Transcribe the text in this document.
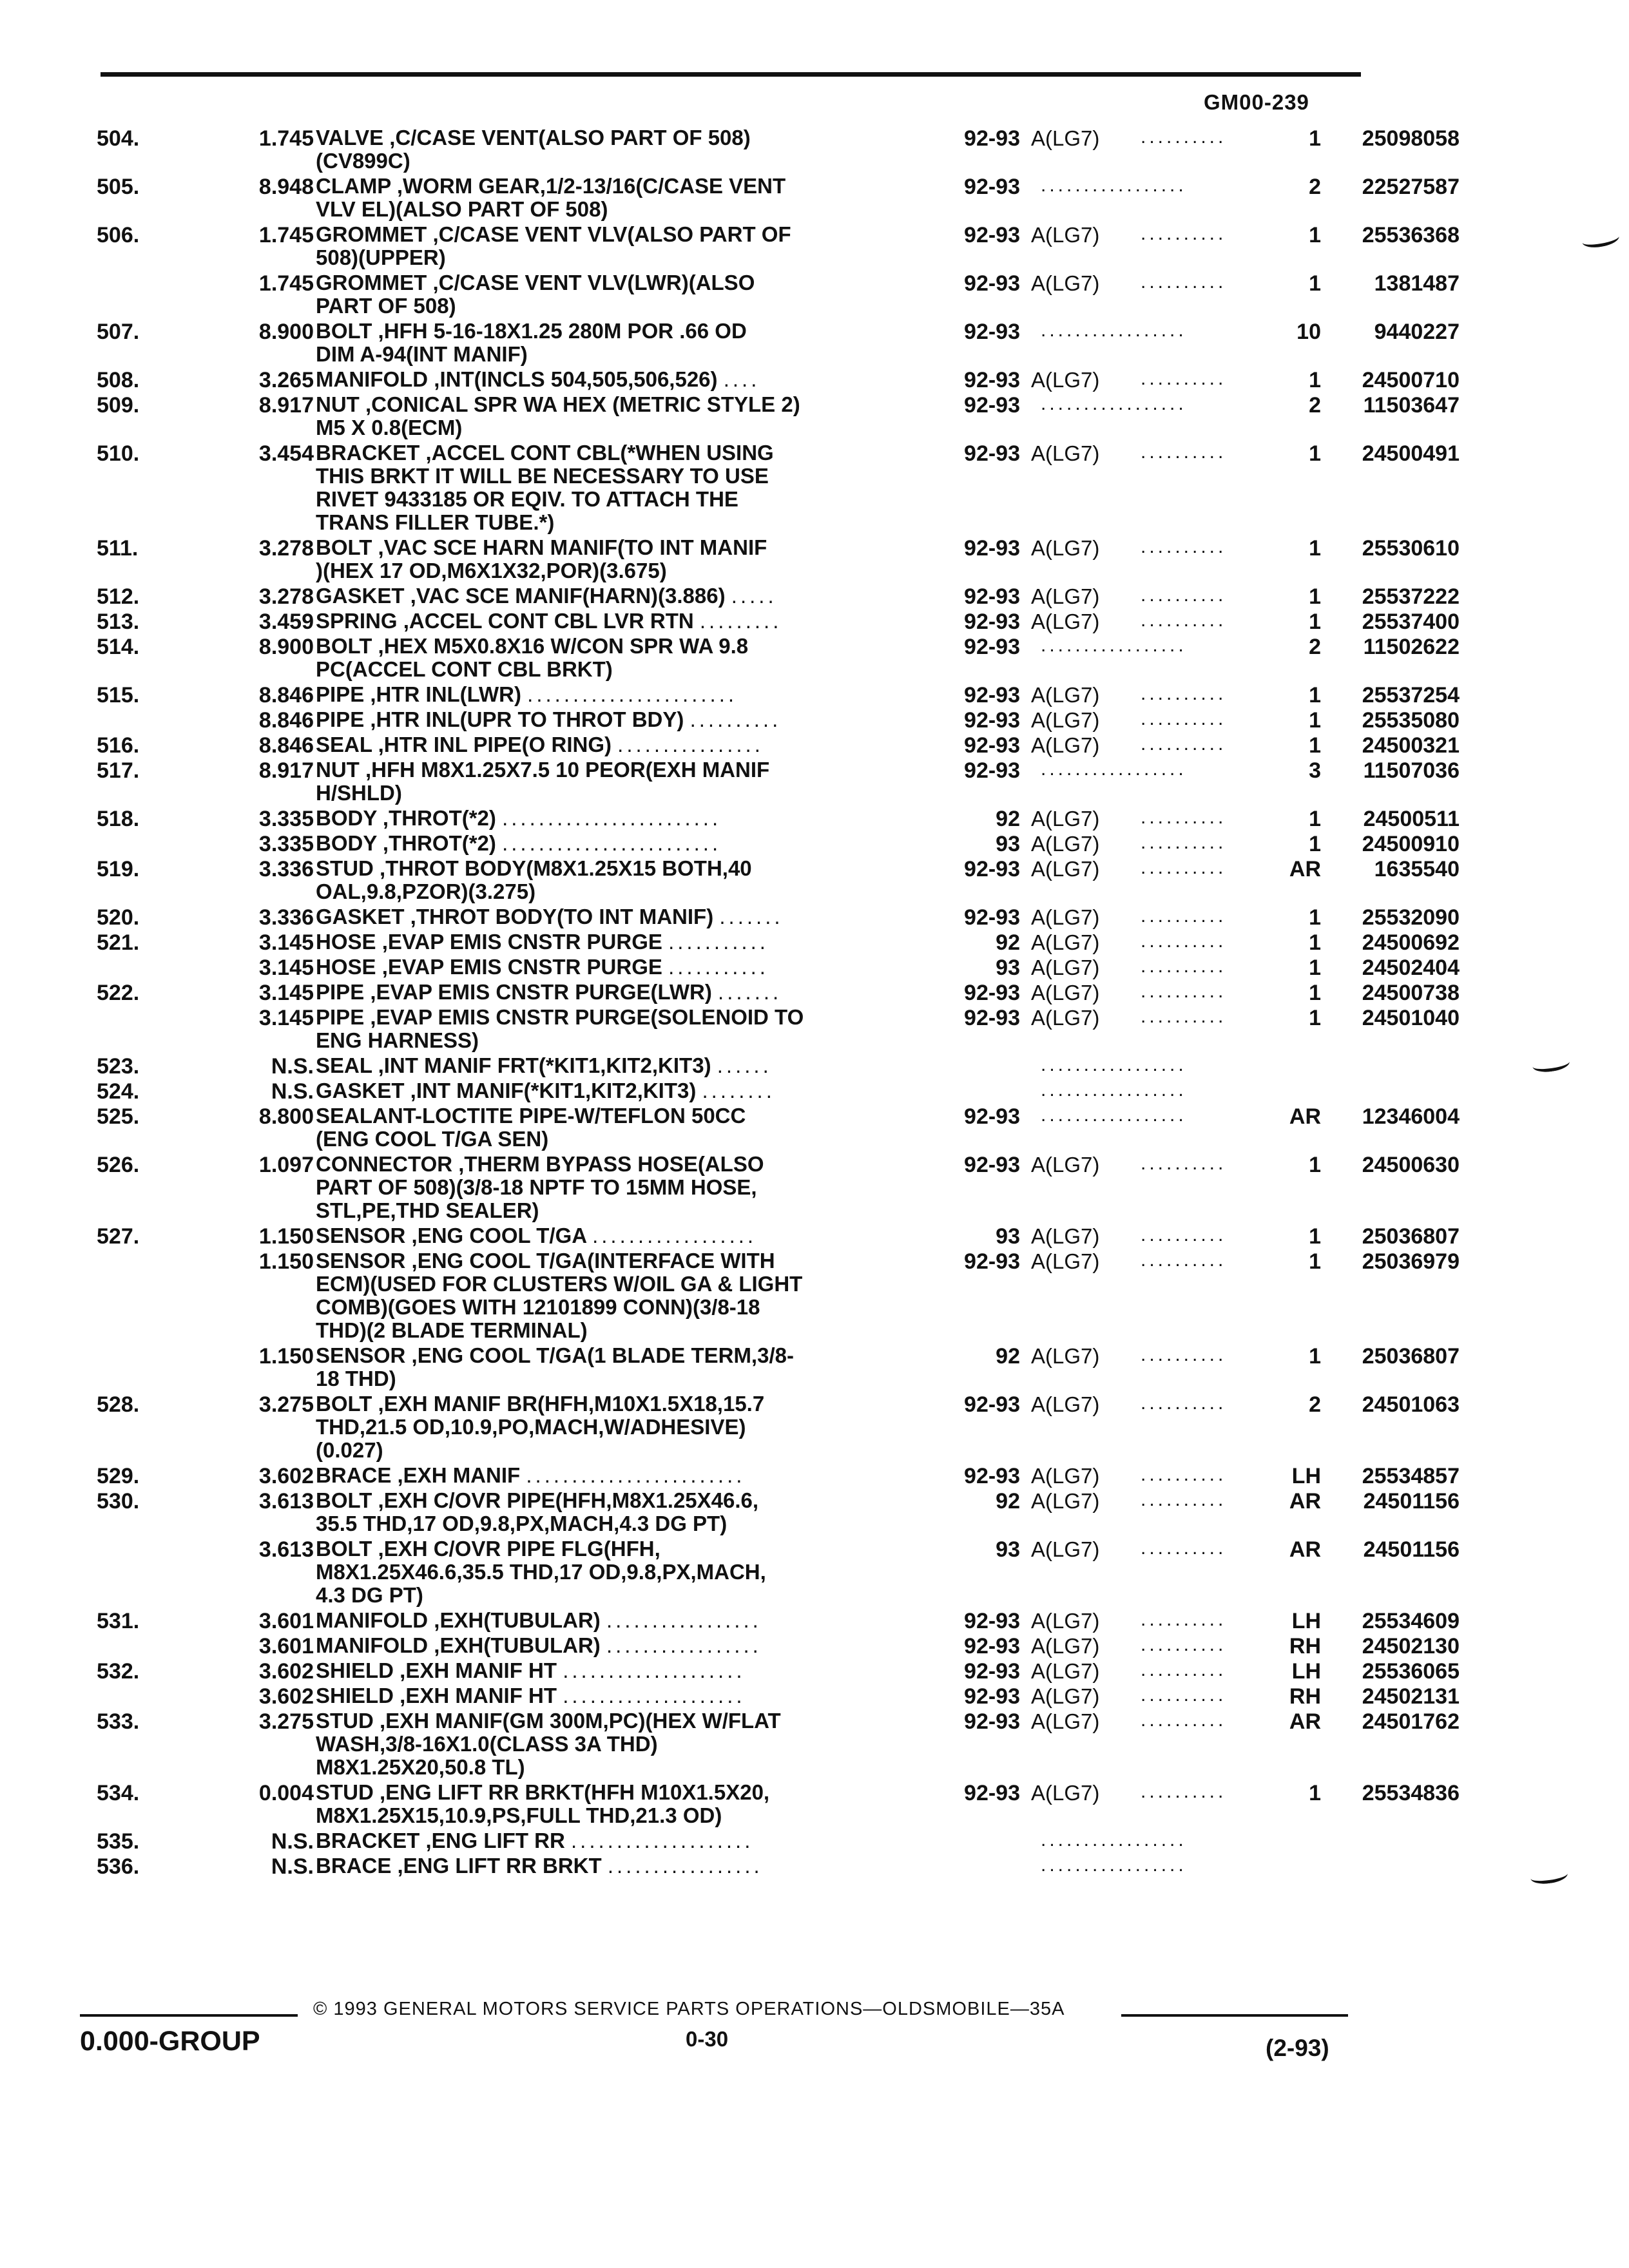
GM00-239
504.	1.745 VALVE ,C/CASE VENT(ALSO PART OF 508)
(CV899C)
92-93 A(LG7)	..........	1	25098058
505.	8.948 CLAMP ,WORM GEAR,1/2-13/16(C/CASE VENT
VLV EL)(ALSO PART OF 508)
92-93 .................	2	22527587
506.	1.745 GROMMET ,C/CASE VENT VLV(ALSO PART OF
508)(UPPER)
92-93 A(LG7)	..........	1	25536368
1.745 GROMMET ,C/CASE VENT VLV(LWR)(ALSO
PART OF 508)
92-93 A(LG7)	..........	1	1381487
507.	8.900 BOLT ,HFH 5-16-18X1.25 280M POR .66 OD
DIM A-94(INT MANIF)
92-93 .................	10	9440227
508.	3.265 MANIFOLD ,INT(INCLS 504,505,506,526) ....	92-93 A(LG7)	..........	1	24500710
509.	8.917 NUT ,CONICAL SPR WA HEX (METRIC STYLE 2)
M5 X 0.8(ECM)
92-93 .................	2	11503647
510.	3.454 BRACKET ,ACCEL CONT CBL(*WHEN USING
THIS BRKT IT WILL BE NECESSARY TO USE
RIVET 9433185 OR EQIV. TO ATTACH THE
TRANS FILLER TUBE.*)
92-93 A(LG7)	..........	1	24500491
511.	3.278 BOLT ,VAC SCE HARN MANIF(TO INT MANIF
)(HEX 17 OD,M6X1X32,POR)(3.675)
92-93 A(LG7)	..........	1	25530610
512.	3.278 GASKET ,VAC SCE MANIF(HARN)(3.886) .....	92-93 A(LG7)	..........	1	25537222
513.	3.459 SPRING ,ACCEL CONT CBL LVR RTN .........	92-93 A(LG7)	..........	1	25537400
514.	8.900 BOLT ,HEX M5X0.8X16 W/CON SPR WA 9.8
PC(ACCEL CONT CBL BRKT)
92-93 .................	2	11502622
515.	8.846 PIPE ,HTR INL(LWR) .......................	92-93 A(LG7)	..........	1	25537254
8.846 PIPE ,HTR INL(UPR TO THROT BDY) ..........	92-93 A(LG7)	..........	1	25535080
516.	8.846 SEAL ,HTR INL PIPE(O RING) ................	92-93 A(LG7)	..........	1	24500321
517.	8.917 NUT ,HFH M8X1.25X7.5 10 PEOR(EXH MANIF
H/SHLD)
92-93 .................	3	11507036
518.	3.335 BODY ,THROT(*2) ........................	92 A(LG7)	..........	1	24500511
3.335 BODY ,THROT(*2) ........................	93 A(LG7)	..........	1	24500910
519.	3.336 STUD ,THROT BODY(M8X1.25X15 BOTH,40
OAL,9.8,PZOR)(3.275)
92-93 A(LG7)	..........	AR	1635540
520.	3.336 GASKET ,THROT BODY(TO INT MANIF) .......	92-93 A(LG7)	..........	1	25532090
521.	3.145 HOSE ,EVAP EMIS CNSTR PURGE ...........	92 A(LG7)	..........	1	24500692
3.145 HOSE ,EVAP EMIS CNSTR PURGE ...........	93 A(LG7)	..........	1	24502404
522.	3.145 PIPE ,EVAP EMIS CNSTR PURGE(LWR) .......	92-93 A(LG7)	..........	1	24500738
3.145 PIPE ,EVAP EMIS CNSTR PURGE(SOLENOID TO
ENG HARNESS)
92-93 A(LG7)	..........	1	24501040
523.	N.S. SEAL ,INT MANIF FRT(*KIT1,KIT2,KIT3) ......	.................
524.	N.S. GASKET ,INT MANIF(*KIT1,KIT2,KIT3) ........	.................
525.	8.800 SEALANT-LOCTITE PIPE-W/TEFLON 50CC
(ENG COOL T/GA SEN)
92-93 .................	AR	12346004
526.	1.097 CONNECTOR ,THERM BYPASS HOSE(ALSO
PART OF 508)(3/8-18 NPTF TO 15MM HOSE,
STL,PE,THD SEALER)
92-93 A(LG7)	..........	1	24500630
527.	1.150 SENSOR ,ENG COOL T/GA ..................	93 A(LG7)	..........	1	25036807
1.150 SENSOR ,ENG COOL T/GA(INTERFACE WITH
ECM)(USED FOR CLUSTERS W/OIL GA & LIGHT
COMB)(GOES WITH 12101899 CONN)(3/8-18
THD)(2 BLADE TERMINAL)
92-93 A(LG7)	..........	1	25036979
1.150 SENSOR ,ENG COOL T/GA(1 BLADE TERM,3/8-
18 THD)
92 A(LG7)	..........	1	25036807
528.	3.275 BOLT ,EXH MANIF BR(HFH,M10X1.5X18,15.7
THD,21.5 OD,10.9,PO,MACH,W/ADHESIVE)
(0.027)
92-93 A(LG7)	..........	2	24501063
529.	3.602 BRACE ,EXH MANIF ........................	92-93 A(LG7)	..........	LH	25534857
530.	3.613 BOLT ,EXH C/OVR PIPE(HFH,M8X1.25X46.6,
35.5 THD,17 OD,9.8,PX,MACH,4.3 DG PT)
92 A(LG7)	..........	AR	24501156
3.613 BOLT ,EXH C/OVR PIPE FLG(HFH,
M8X1.25X46.6,35.5 THD,17 OD,9.8,PX,MACH,
4.3 DG PT)
93 A(LG7)	..........	AR	24501156
531.	3.601 MANIFOLD ,EXH(TUBULAR) .................	92-93 A(LG7)	..........	LH	25534609
3.601 MANIFOLD ,EXH(TUBULAR) .................	92-93 A(LG7)	..........	RH	24502130
532.	3.602 SHIELD ,EXH MANIF HT ....................	92-93 A(LG7)	..........	LH	25536065
3.602 SHIELD ,EXH MANIF HT ....................	92-93 A(LG7)	..........	RH	24502131
533.	3.275 STUD ,EXH MANIF(GM 300M,PC)(HEX W/FLAT
WASH,3/8-16X1.0(CLASS 3A THD)
M8X1.25X20,50.8 TL)
92-93 A(LG7)	..........	AR	24501762
534.	0.004 STUD ,ENG LIFT RR BRKT(HFH M10X1.5X20,
M8X1.25X15,10.9,PS,FULL THD,21.3 OD)
92-93 A(LG7)	..........	1	25534836
535.	N.S. BRACKET ,ENG LIFT RR ....................	.................
536.	N.S. BRACE ,ENG LIFT RR BRKT .................	.................
© 1993 GENERAL MOTORS SERVICE PARTS OPERATIONS—OLDSMOBILE—35A
0.000-GROUP	0-30	(2-93)
